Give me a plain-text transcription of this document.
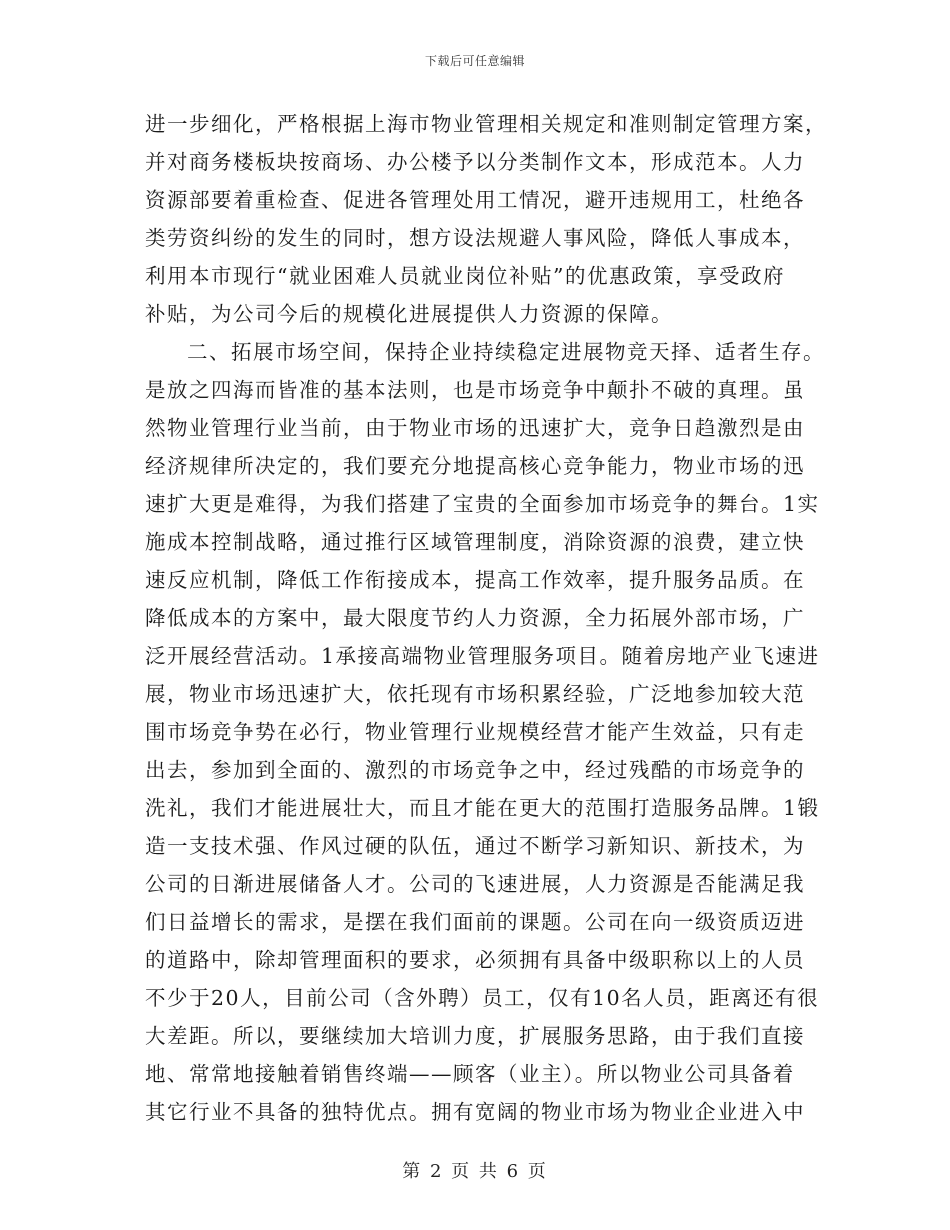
下载后可任意编辑
进一步细化，严格根据上海市物业管理相关规定和准则制定管理方案，
并对商务楼板块按商场、办公楼予以分类制作文本，形成范本。人力
资源部要着重检查、促进各管理处用工情况，避开违规用工，杜绝各
类劳资纠纷的发生的同时，想方设法规避人事风险，降低人事成本，
利用本市现行“就业困难人员就业岗位补贴”的优惠政策，享受政府
补贴，为公司今后的规模化进展提供人力资源的保障。
二、拓展市场空间，保持企业持续稳定进展物竞天择、适者生存。
是放之四海而皆准的基本法则，也是市场竞争中颠扑不破的真理。虽
然物业管理行业当前，由于物业市场的迅速扩大，竞争日趋激烈是由
经济规律所决定的，我们要充分地提高核心竞争能力，物业市场的迅
速扩大更是难得，为我们搭建了宝贵的全面参加市场竞争的舞台。1实
施成本控制战略，通过推行区域管理制度，消除资源的浪费，建立快
速反应机制，降低工作衔接成本，提高工作效率，提升服务品质。在
降低成本的方案中，最大限度节约人力资源，全力拓展外部市场，广
泛开展经营活动。1承接高端物业管理服务项目。随着房地产业飞速进
展，物业市场迅速扩大，依托现有市场积累经验，广泛地参加较大范
围市场竞争势在必行，物业管理行业规模经营才能产生效益，只有走
出去，参加到全面的、激烈的市场竞争之中，经过残酷的市场竞争的
洗礼，我们才能进展壮大，而且才能在更大的范围打造服务品牌。1锻
造一支技术强、作风过硬的队伍，通过不断学习新知识、新技术，为
公司的日渐进展储备人才。公司的飞速进展，人力资源是否能满足我
们日益增长的需求，是摆在我们面前的课题。公司在向一级资质迈进
的道路中，除却管理面积的要求，必须拥有具备中级职称以上的人员
不少于20人，目前公司（含外聘）员工，仅有10名人员，距离还有很
大差距。所以，要继续加大培训力度，扩展服务思路，由于我们直接
地、常常地接触着销售终端——顾客（业主）。所以物业公司具备着
其它行业不具备的独特优点。拥有宽阔的物业市场为物业企业进入中
第 2 页 共 6 页
